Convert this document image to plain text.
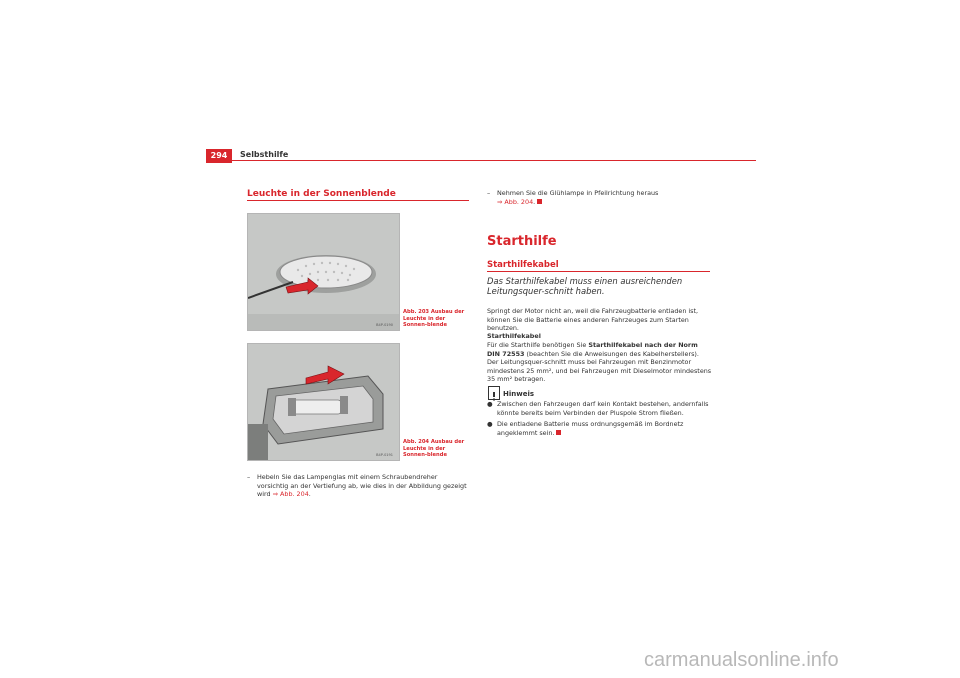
294	Selbsthilfe
Leuchte in der Sonnenblende
B4P-0190
Abb. 203 Ausbau der Leuchte in der Sonnen-blende
B4P-0191
Abb. 204 Ausbau der Leuchte in der Sonnen-blende
–	Hebeln Sie das Lampenglas mit einem Schraubendreher vorsichtig an der Vertiefung ab, wie dies in der Abbildung gezeigt wird ⇒ Abb. 204.
–	Nehmen Sie die Glühlampe in Pfeilrichtung heraus
⇒ Abb. 204.
Starthilfe
Starthilfekabel
Das Starthilfekabel muss einen ausreichenden Leitungsquer-schnitt haben.
Springt der Motor nicht an, weil die Fahrzeugbatterie entladen ist, können Sie die Batterie eines anderen Fahrzeuges zum Starten benutzen.
Starthilfekabel
Für die Starthilfe benötigen Sie Starthilfekabel nach der Norm DIN 72553 (beachten Sie die Anweisungen des Kabelherstellers). Der Leitungsquer-schnitt muss bei Fahrzeugen mit Benzinmotor mindestens 25 mm², und bei Fahrzeugen mit Dieselmotor mindestens 35 mm² betragen.
Hinweis
● Zwischen den Fahrzeugen darf kein Kontakt bestehen, andernfalls könnte bereits beim Verbinden der Pluspole Strom fließen.
● Die entladene Batterie muss ordnungsgemäß im Bordnetz angeklemmt sein.
carmanualsonline.info
